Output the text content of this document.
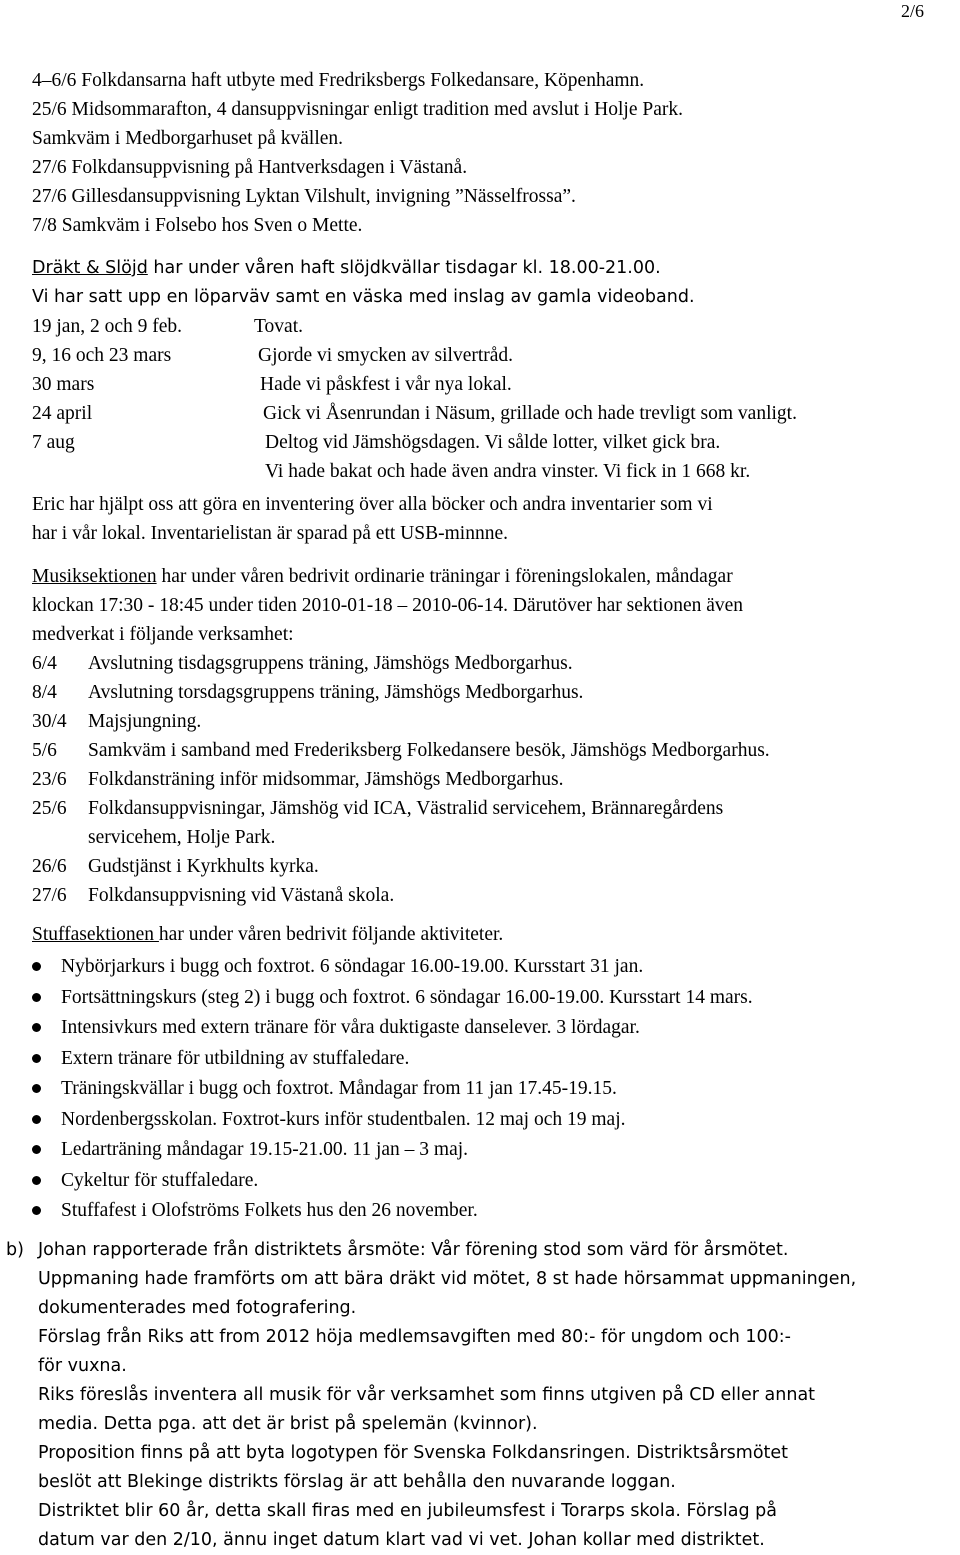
2/6
4–6/6 Folkdansarna haft utbyte med Fredriksbergs Folkedansare, Köpenhamn.
25/6 Midsommarafton, 4 dansuppvisningar enligt tradition med avslut i Holje Park.
Samkväm i Medborgarhuset på kvällen.
27/6 Folkdansuppvisning på Hantverksdagen i Västanå.
27/6 Gillesdansuppvisning Lyktan Vilshult, invigning ”Nässelfrossa”.
7/8 Samkväm i Folsebo hos Sven o Mette.
Dräkt & Slöjd har under våren haft slöjdkvällar tisdagar kl. 18.00-21.00.
Vi har satt upp en löparväv samt en väska med inslag av gamla videoband.
19 jan, 2 och 9 feb.	Tovat.
9, 16 och 23 mars	Gjorde vi smycken av silvertråd.
30 mars	Hade vi påskfest i vår nya lokal.
24 april	Gick vi Åsenrundan i Näsum, grillade och hade trevligt som vanligt.
7 aug	Deltog vid Jämshögsdagen. Vi sålde lotter, vilket gick bra.
Vi hade bakat och hade även andra vinster. Vi fick in 1 668 kr.
Eric har hjälpt oss att göra en inventering över alla böcker och andra inventarier som vi
har i vår lokal. Inventarielistan är sparad på ett USB-minnne.
Musiksektionen har under våren bedrivit ordinarie träningar i föreningslokalen, måndagar
klockan 17:30 - 18:45 under tiden 2010-01-18 – 2010-06-14. Därutöver har sektionen även
medverkat i följande verksamhet:
6/4 Avslutning tisdagsgruppens träning, Jämshögs Medborgarhus.
8/4 Avslutning torsdagsgruppens träning, Jämshögs Medborgarhus.
30/4 Majsjungning.
5/6 Samkväm i samband med Frederiksberg Folkedansere besök, Jämshögs Medborgarhus.
23/6 Folkdansträning inför midsommar, Jämshögs Medborgarhus.
25/6 Folkdansuppvisningar, Jämshög vid ICA, Västralid servicehem, Brännaregårdens
servicehem, Holje Park.
26/6 Gudstjänst i Kyrkhults kyrka.
27/6 Folkdansuppvisning vid Västanå skola.
Stuffasektionen har under våren bedrivit följande aktiviteter.
Nybörjarkurs i bugg och foxtrot. 6 söndagar 16.00-19.00. Kursstart 31 jan.
Fortsättningskurs (steg 2) i bugg och foxtrot. 6 söndagar 16.00-19.00. Kursstart 14 mars.
Intensivkurs med extern tränare för våra duktigaste danselever. 3 lördagar.
Extern tränare för utbildning av stuffaledare.
Träningskvällar i bugg och foxtrot. Måndagar from 11 jan 17.45-19.15.
Nordenbergsskolan. Foxtrot-kurs inför studentbalen. 12 maj och 19 maj.
Ledarträning måndagar 19.15-21.00. 11 jan – 3 maj.
Cykeltur för stuffaledare.
Stuffafest i Olofströms Folkets hus den 26 november.
b) Johan rapporterade från distriktets årsmöte: Vår förening stod som värd för årsmötet.
Uppmaning hade framförts om att bära dräkt vid mötet, 8 st hade hörsammat uppmaningen,
dokumenterades med fotografering.
Förslag från Riks att from 2012 höja medlemsavgiften med 80:- för ungdom och 100:-
för vuxna.
Riks föreslås inventera all musik för vår verksamhet som finns utgiven på CD eller annat
media. Detta pga. att det är brist på spelemän (kvinnor).
Proposition finns på att byta logotypen för Svenska Folkdansringen. Distriktsårsmötet
beslöt att Blekinge distrikts förslag är att behålla den nuvarande loggan.
Distriktet blir 60 år, detta skall firas med en jubileumsfest i Torarps skola. Förslag på
datum var den 2/10, ännu inget datum klart vad vi vet. Johan kollar med distriktet.
